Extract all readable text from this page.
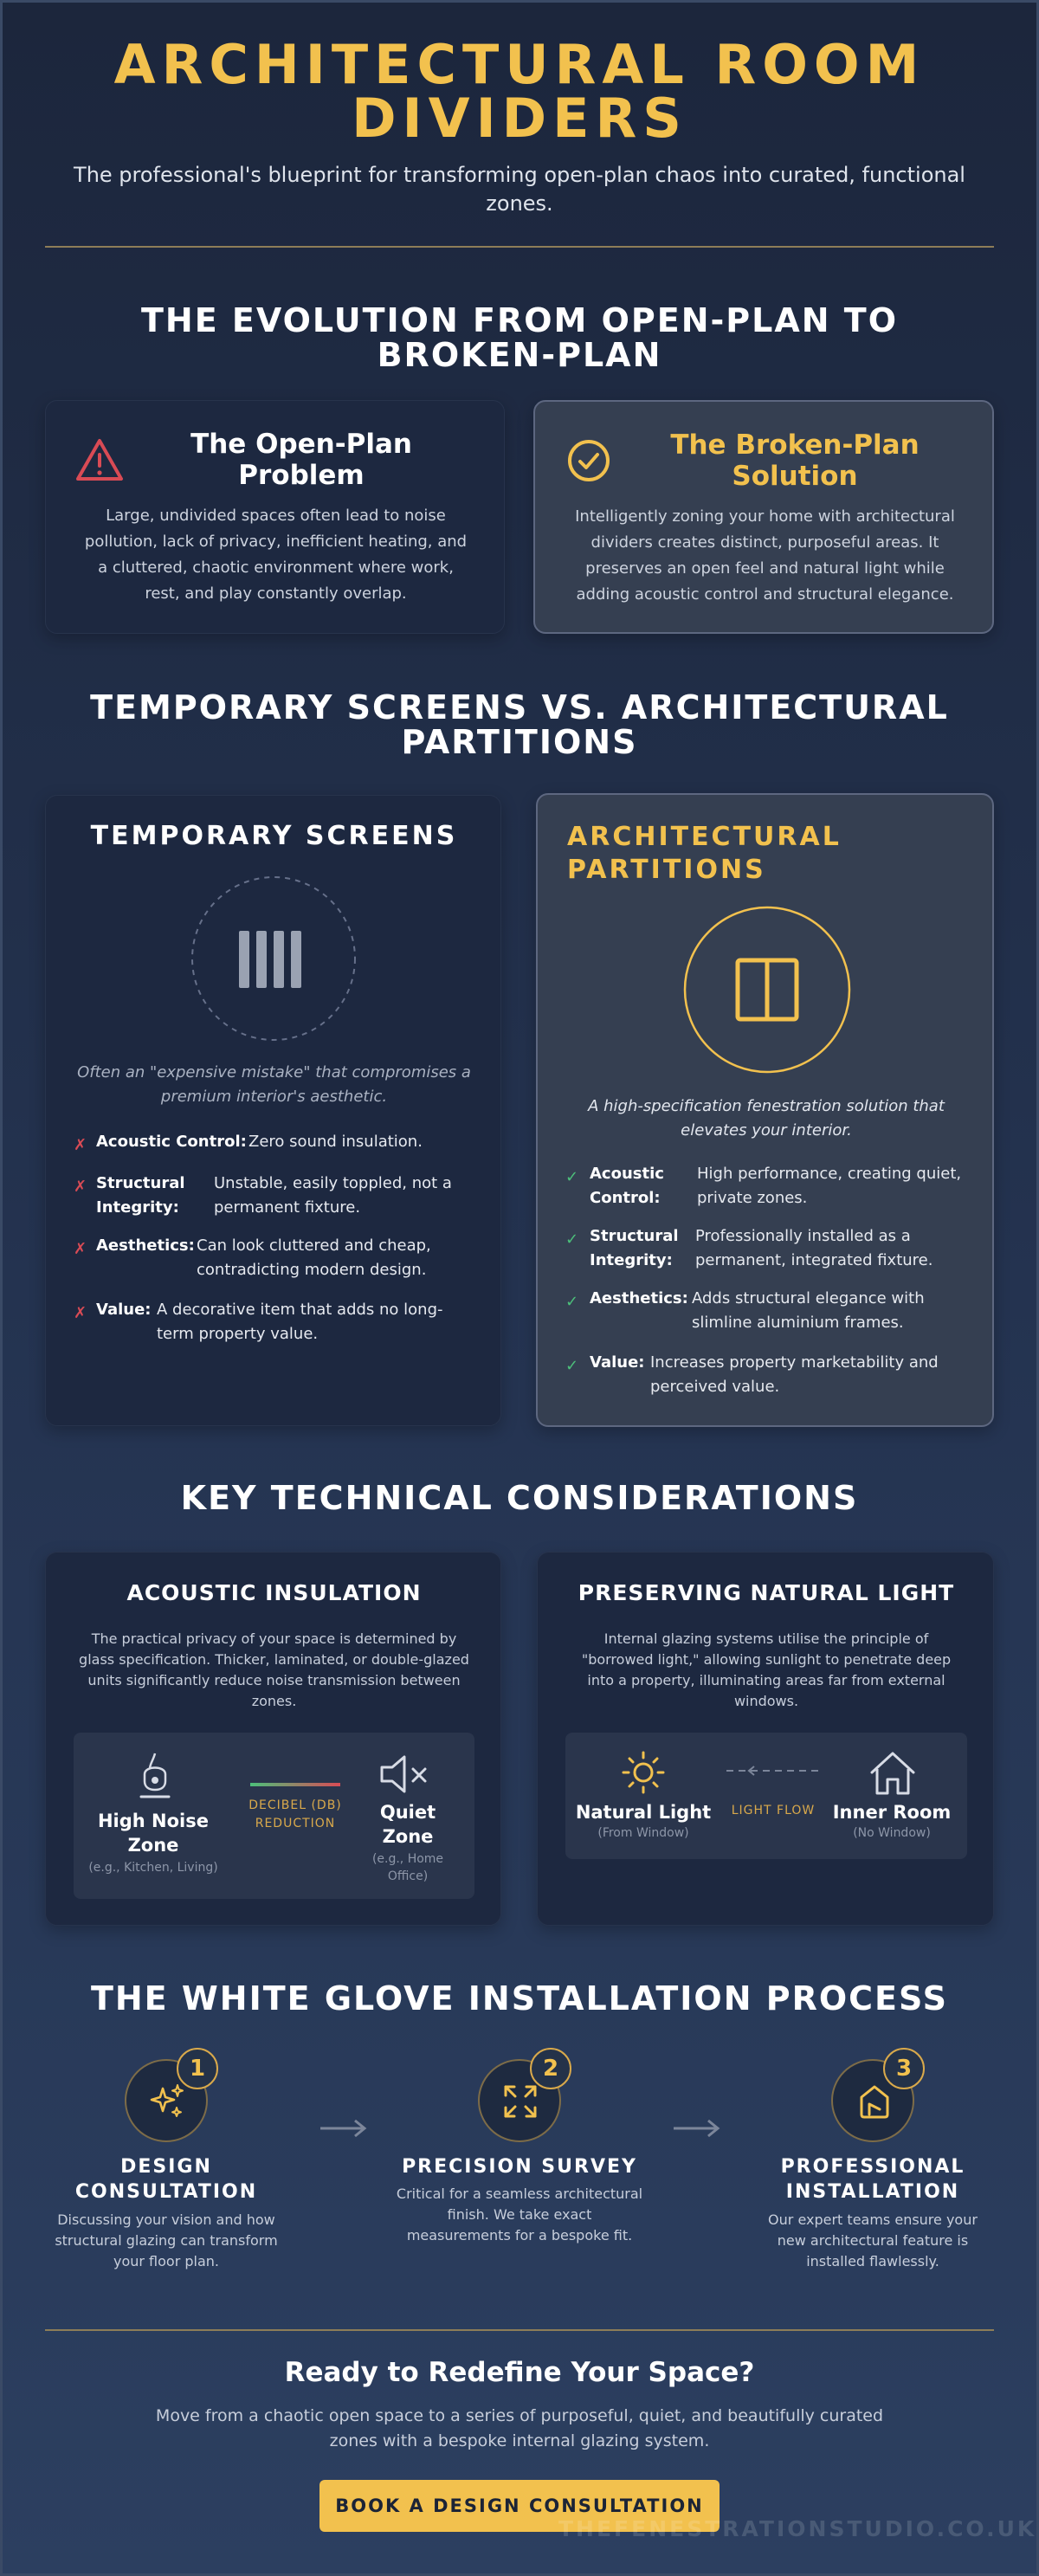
ARCHITECTURAL ROOM
DIVIDERS
The professional's blueprint for transforming open-plan chaos into curated, functional zones.
THE EVOLUTION FROM OPEN-PLAN TO BROKEN-PLAN
The Open-Plan Problem
Large, undivided spaces often lead to noise pollution, lack of privacy, inefficient heating, and a cluttered, chaotic environment where work, rest, and play constantly overlap.
The Broken-Plan Solution
Intelligently zoning your home with architectural dividers creates distinct, purposeful areas. It preserves an open feel and natural light while adding acoustic control and structural elegance.
TEMPORARY SCREENS VS. ARCHITECTURAL PARTITIONS
TEMPORARY SCREENS
Often an "expensive mistake" that compromises a premium interior's aesthetic.
✗ Acoustic Control: Zero sound insulation.
✗ Structural Integrity:
Unstable, easily toppled, not a permanent fixture.
✗ Aesthetics: Can look cluttered and cheap, contradicting modern design.
✗ Value: A decorative item that adds no long-term property value.
ARCHITECTURAL
PARTITIONS
A high-specification fenestration solution that elevates your interior.
✓ Acoustic Control:
High performance, creating quiet, private zones.
✓ Structural Integrity:
Professionally installed as a permanent, integrated fixture.
✓ Aesthetics: Adds structural elegance with slimline aluminium frames.
✓ Value: Increases property marketability and perceived value.
KEY TECHNICAL CONSIDERATIONS
ACOUSTIC INSULATION
The practical privacy of your space is determined by glass specification. Thicker, laminated, or double-glazed units significantly reduce noise transmission between zones.
High Noise Zone
(e.g., Kitchen, Living)
DECIBEL (DB) REDUCTION
Quiet Zone
(e.g., Home Office)
PRESERVING NATURAL LIGHT
Internal glazing systems utilise the principle of "borrowed light," allowing sunlight to penetrate deep into a property, illuminating areas far from external windows.
Natural Light
(From Window)
LIGHT FLOW Inner Room
(No Window)
THE WHITE GLOVE INSTALLATION PROCESS
1
DESIGN CONSULTATION
Discussing your vision and how structural glazing can transform your floor plan.
2
PRECISION SURVEY
Critical for a seamless architectural finish. We take exact measurements for a bespoke fit.
3
PROFESSIONAL INSTALLATION
Our expert teams ensure your new architectural feature is installed flawlessly.
Ready to Redefine Your Space?
Move from a chaotic open space to a series of purposeful, quiet, and beautifully curated zones with a bespoke internal glazing system.
BOOK A DESIGN CONSULTATION
THEFENESTRATIONSTUDIO.CO.UK
